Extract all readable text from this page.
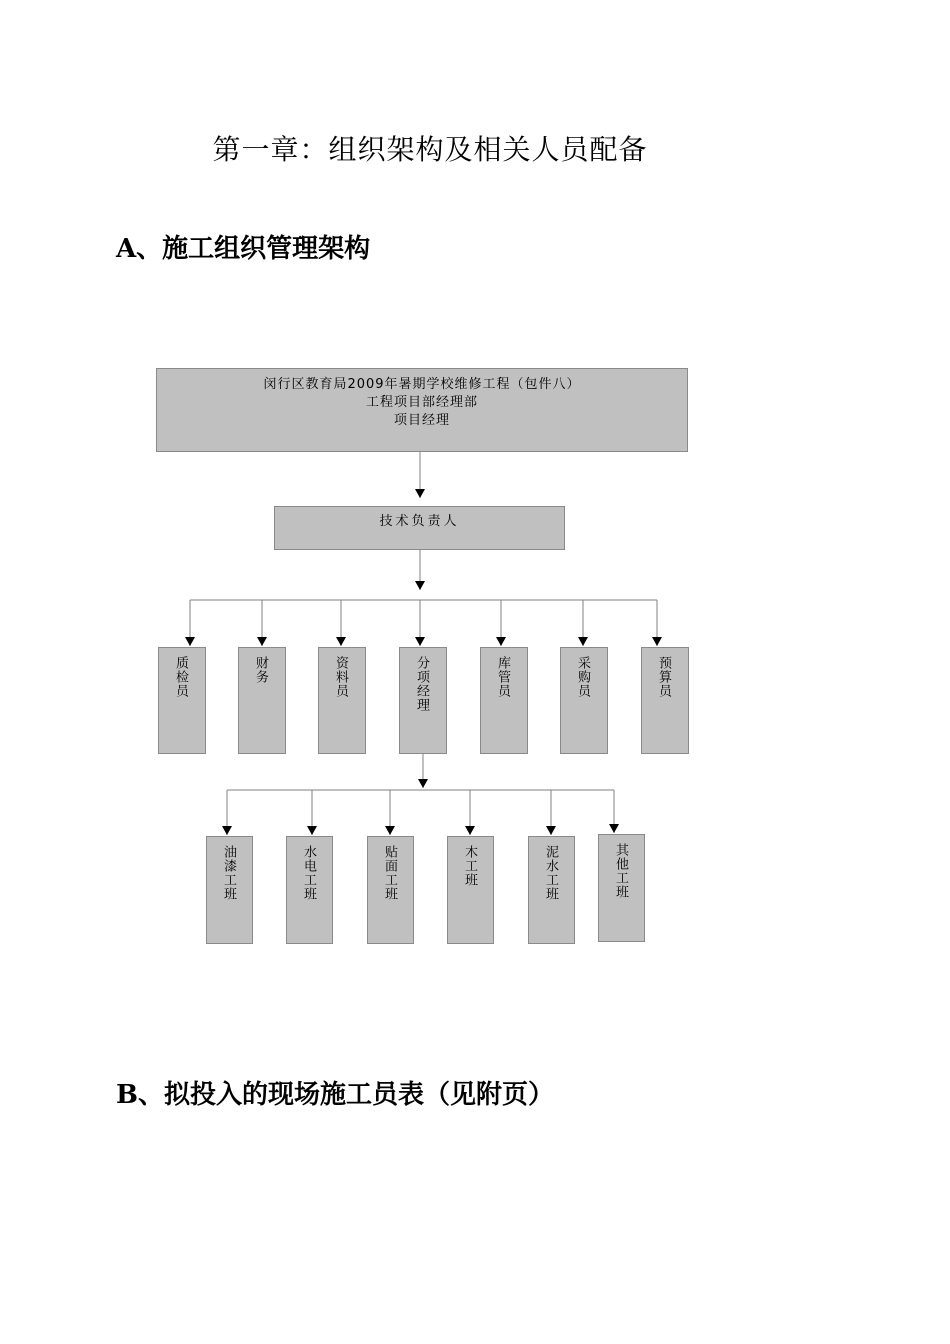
第一章：组织架构及相关人员配备
A、施工组织管理架构
闵行区教育局2009年暑期学校维修工程（包件八）
工程项目部经理部
项目经理
技术负责人
质检员	财务	资料员	分项经理	库管员	采购员	预算员
油漆工班	水电工班	贴面工班	木工班	泥水工班	其他工班
B、拟投入的现场施工员表（见附页）
